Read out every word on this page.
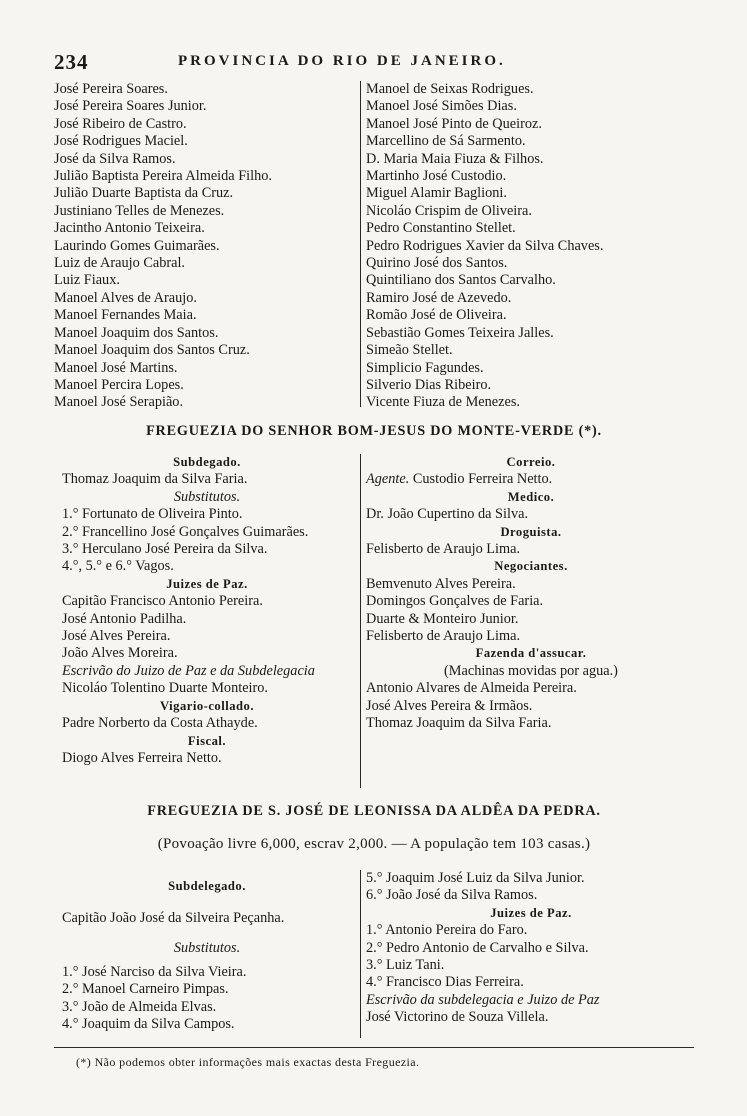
234	PROVINCIA DO RIO DE JANEIRO.
José Pereira Soares.
José Pereira Soares Junior.
José Ribeiro de Castro.
José Rodrigues Maciel.
José da Silva Ramos.
Julião Baptista Pereira Almeida Filho.
Julião Duarte Baptista da Cruz.
Justiniano Telles de Menezes.
Jacintho Antonio Teixeira.
Laurindo Gomes Guimarães.
Luiz de Araujo Cabral.
Luiz Fiaux.
Manoel Alves de Araujo.
Manoel Fernandes Maia.
Manoel Joaquim dos Santos.
Manoel Joaquim dos Santos Cruz.
Manoel José Martins.
Manoel Percira Lopes.
Manoel José Serapião.
Manoel de Seixas Rodrigues.
Manoel José Simões Dias.
Manoel José Pinto de Queiroz.
Marcellino de Sá Sarmento.
D. Maria Maia Fiuza & Filhos.
Martinho José Custodio.
Miguel Alamir Baglioni.
Nicoláo Crispim de Oliveira.
Pedro Constantino Stellet.
Pedro Rodrigues Xavier da Silva Chaves.
Quirino José dos Santos.
Quintiliano dos Santos Carvalho.
Ramiro José de Azevedo.
Romão José de Oliveira.
Sebastião Gomes Teixeira Jalles.
Simeão Stellet.
Simplicio Fagundes.
Silverio Dias Ribeiro.
Vicente Fiuza de Menezes.
FREGUEZIA DO SENHOR BOM-JESUS DO MONTE-VERDE (*).
Subdegado.
Thomaz Joaquim da Silva Faria.
Substitutos.
1.° Fortunato de Oliveira Pinto.
2.° Francellino José Gonçalves Guimarães.
3.° Herculano José Pereira da Silva.
4.°, 5.° e 6.° Vagos.
Juizes de Paz.
Capitão Francisco Antonio Pereira.
José Antonio Padilha.
José Alves Pereira.
João Alves Moreira.
Escrivão do Juizo de Paz e da Subdelegacia
Nicoláo Tolentino Duarte Monteiro.
Vigario-collado.
Padre Norberto da Costa Athayde.
Fiscal.
Diogo Alves Ferreira Netto.
Correio.
Agente. Custodio Ferreira Netto.
Medico.
Dr. João Cupertino da Silva.
Droguista.
Felisberto de Araujo Lima.
Negociantes.
Bemvenuto Alves Pereira.
Domingos Gonçalves de Faria.
Duarte & Monteiro Junior.
Felisberto de Araujo Lima.
Fazenda d'assucar.
(Machinas movidas por agua.)
Antonio Alvares de Almeida Pereira.
José Alves Pereira & Irmãos.
Thomaz Joaquim da Silva Faria.
FREGUEZIA DE S. JOSÉ DE LEONISSA DA ALDÊA DA PEDRA.
(Povoação livre 6,000, escrav 2,000. — A população tem 103 casas.)
Subdelegado.
Capitão João José da Silveira Peçanha.
Substitutos.
1.° José Narciso da Silva Vieira.
2.° Manoel Carneiro Pimpas.
3.° João de Almeida Elvas.
4.° Joaquim da Silva Campos.
5.° Joaquim José Luiz da Silva Junior.
6.° João José da Silva Ramos.
Juizes de Paz.
1.° Antonio Pereira do Faro.
2.° Pedro Antonio de Carvalho e Silva.
3.° Luiz Tani.
4.° Francisco Dias Ferreira.
Escrivão da subdelegacia e Juizo de Paz
José Victorino de Souza Villela.
(*) Não podemos obter informações mais exactas desta Freguezia.
